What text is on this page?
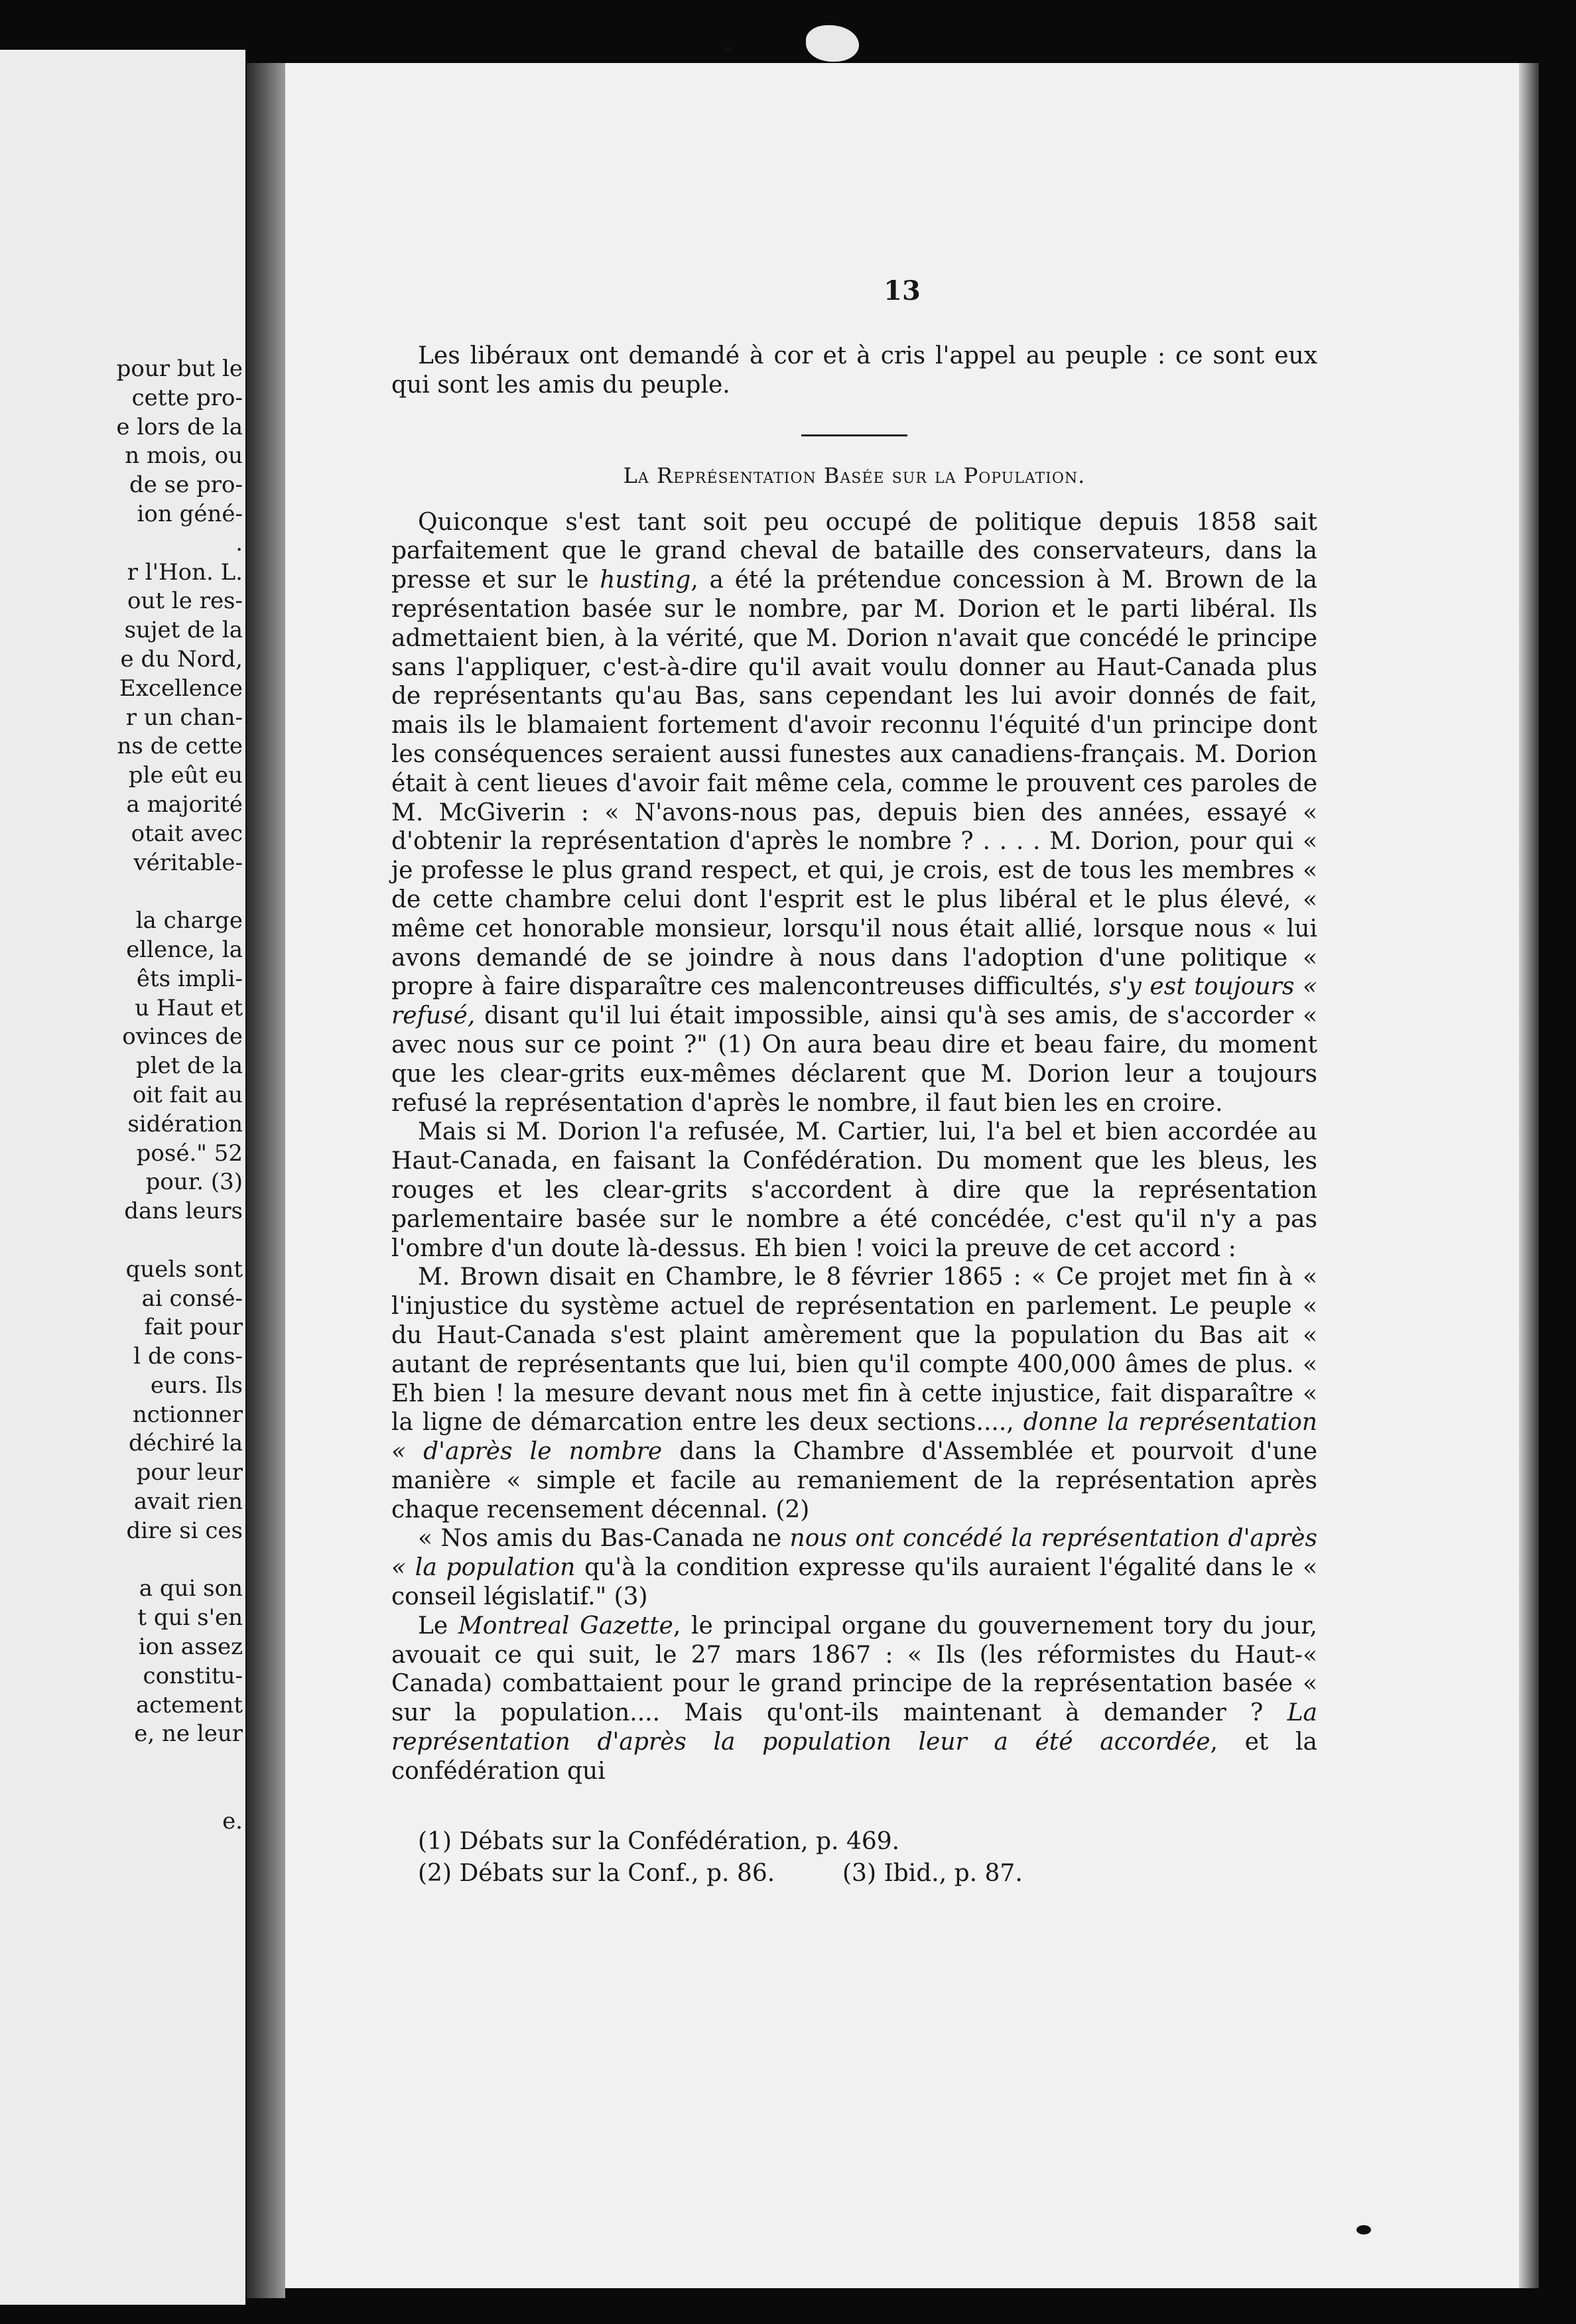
pour but le
cette pro-
e lors de la
n mois, ou
de se pro-
ion géné-
.
r l'Hon. L.
out le res-
sujet de la
e du Nord,
Excellence
r un chan-
ns de cette
ple eût eu
a majorité
otait avec
véritable-
la charge
ellence, la
êts impli-
u Haut et
ovinces de
plet de la
oit fait au
sidération
posé." 52
pour. (3)
dans leurs
quels sont
ai consé-
fait pour
l de cons-
eurs. Ils
nctionner
déchiré la
pour leur
avait rien
dire si ces
a qui son
t qui s'en
ion assez
constitu-
actement
e, ne leur
e.
13

Les libéraux ont demandé à cor et à cris l'appel au peuple : ce sont eux qui sont les amis du peuple.

La Représentation Basée sur la Population.

Quiconque s'est tant soit peu occupé de politique depuis 1858 sait parfaitement que le grand cheval de bataille des conservateurs, dans la presse et sur le husting, a été la prétendue concession à M. Brown de la représentation basée sur le nombre, par M. Dorion et le parti libéral. Ils admettaient bien, à la vérité, que M. Dorion n'avait que concédé le principe sans l'appliquer, c'est-à-dire qu'il avait voulu donner au Haut-Canada plus de représentants qu'au Bas, sans cependant les lui avoir donnés de fait, mais ils le blamaient fortement d'avoir reconnu l'équité d'un principe dont les conséquences seraient aussi funestes aux canadiens-français. M. Dorion était à cent lieues d'avoir fait même cela, comme le prouvent ces paroles de M. McGiverin : « N'avons-nous pas, depuis bien des années, essayé « d'obtenir la représentation d'après le nombre ? . . . . M. Dorion, pour qui « je professe le plus grand respect, et qui, je crois, est de tous les membres « de cette chambre celui dont l'esprit est le plus libéral et le plus élevé, « même cet honorable monsieur, lorsqu'il nous était allié, lorsque nous « lui avons demandé de se joindre à nous dans l'adoption d'une politique « propre à faire disparaître ces malencontreuses difficultés, s'y est toujours « refusé, disant qu'il lui était impossible, ainsi qu'à ses amis, de s'accorder « avec nous sur ce point ?" (1) On aura beau dire et beau faire, du moment que les clear-grits eux-mêmes déclarent que M. Dorion leur a toujours refusé la représentation d'après le nombre, il faut bien les en croire.

Mais si M. Dorion l'a refusée, M. Cartier, lui, l'a bel et bien accordée au Haut-Canada, en faisant la Confédération. Du moment que les bleus, les rouges et les clear-grits s'accordent à dire que la représentation parlementaire basée sur le nombre a été concédée, c'est qu'il n'y a pas l'ombre d'un doute là-dessus. Eh bien ! voici la preuve de cet accord :

M. Brown disait en Chambre, le 8 février 1865 : « Ce projet met fin à « l'injustice du système actuel de représentation en parlement. Le peuple « du Haut-Canada s'est plaint amèrement que la population du Bas ait « autant de représentants que lui, bien qu'il compte 400,000 âmes de plus. « Eh bien ! la mesure devant nous met fin à cette injustice, fait disparaître « la ligne de démarcation entre les deux sections...., donne la représentation « d'après le nombre dans la Chambre d'Assemblée et pourvoit d'une manière « simple et facile au remaniement de la représentation après chaque recensement décennal. (2)

« Nos amis du Bas-Canada ne nous ont concédé la représentation d'après « la population qu'à la condition expresse qu'ils auraient l'égalité dans le « conseil législatif." (3)

Le Montreal Gazette, le principal organe du gouvernement tory du jour, avouait ce qui suit, le 27 mars 1867 : « Ils (les réformistes du Haut-« Canada) combattaient pour le grand principe de la représentation basée « sur la population.... Mais qu'ont-ils maintenant à demander ? La représentation d'après la population leur a été accordée, et la confédération qui

(1) Débats sur la Confédération, p. 469.
(2) Débats sur la Conf., p. 86.	(3) Ibid., p. 87.
